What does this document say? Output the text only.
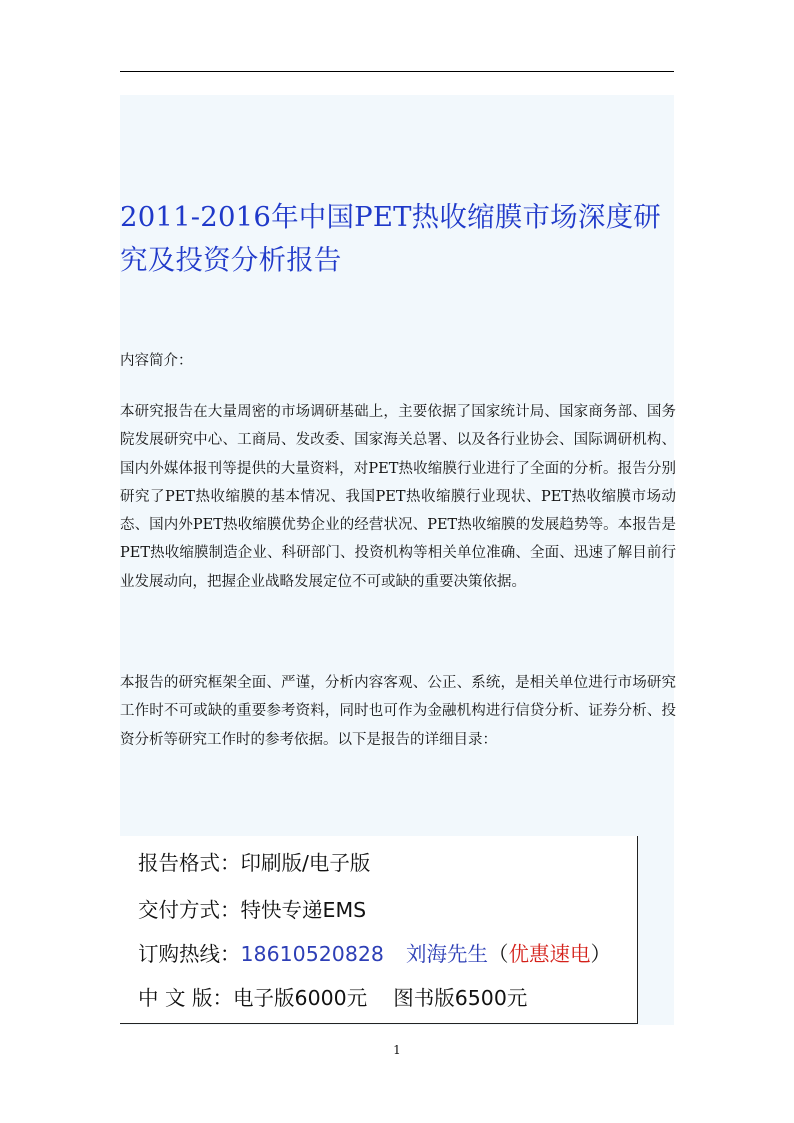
2011-2016年中国PET热收缩膜市场深度研究及投资分析报告

内容简介：

本研究报告在大量周密的市场调研基础上，主要依据了国家统计局、国家商务部、国务院发展研究中心、工商局、发改委、国家海关总署、以及各行业协会、国际调研机构、国内外媒体报刊等提供的大量资料，对PET热收缩膜行业进行了全面的分析。报告分别研究了PET热收缩膜的基本情况、我国PET热收缩膜行业现状、PET热收缩膜市场动态、国内外PET热收缩膜优势企业的经营状况、PET热收缩膜的发展趋势等。本报告是PET热收缩膜制造企业、科研部门、投资机构等相关单位准确、全面、迅速了解目前行业发展动向，把握企业战略发展定位不可或缺的重要决策依据。

本报告的研究框架全面、严谨，分析内容客观、公正、系统，是相关单位进行市场研究工作时不可或缺的重要参考资料，同时也可作为金融机构进行信贷分析、证券分析、投资分析等研究工作时的参考依据。以下是报告的详细目录：

报告格式：印刷版/电子版
交付方式：特快专递EMS
订购热线：18610520828 刘海先生（优惠速电）
中 文 版：电子版6000元 图书版6500元
1
